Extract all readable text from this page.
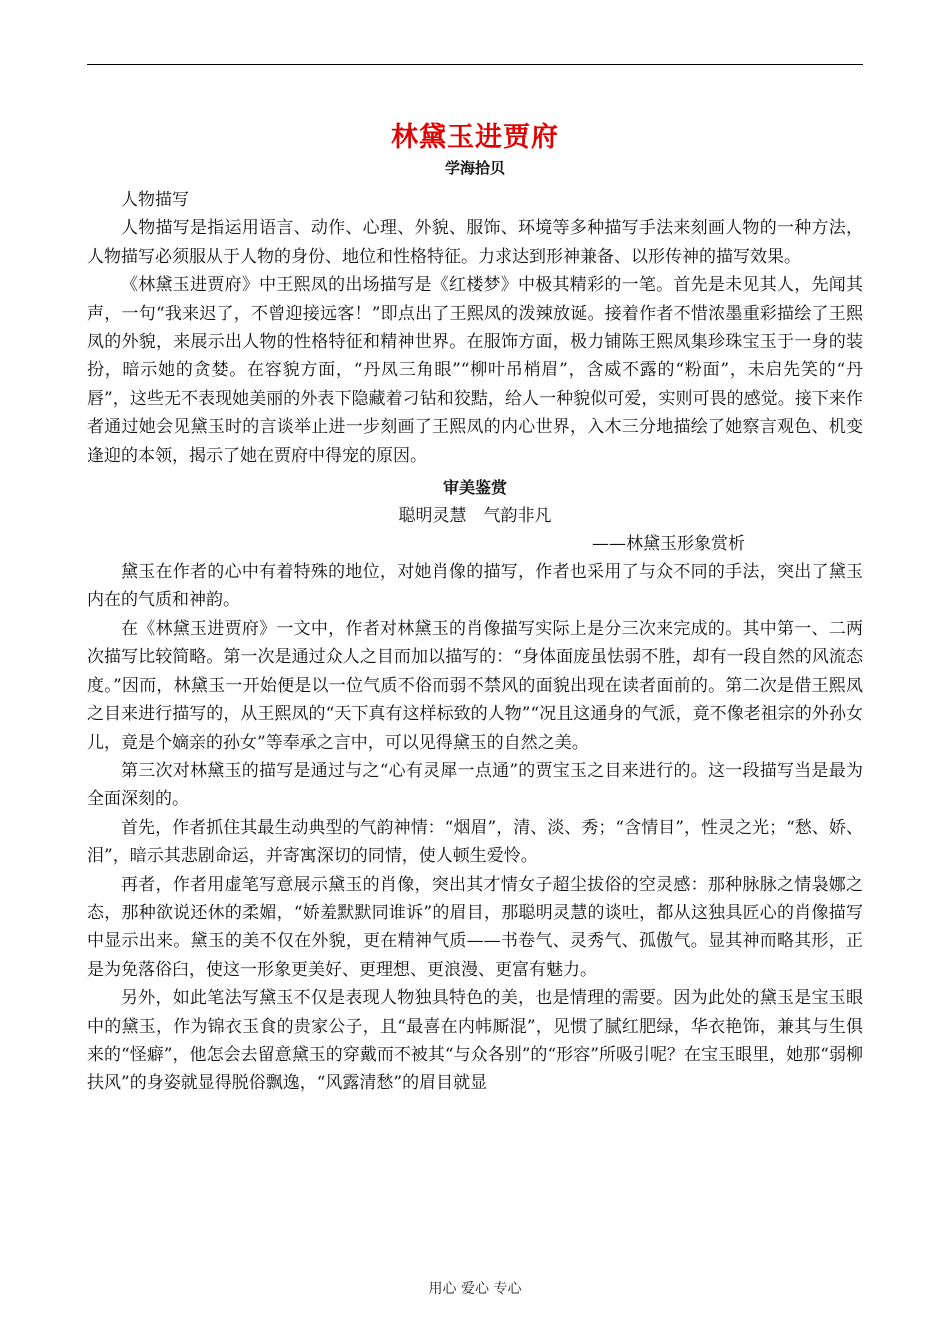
林黛玉进贾府
学海拾贝

人物描写

人物描写是指运用语言、动作、心理、外貌、服饰、环境等多种描写手法来刻画人物的一种方法，人物描写必须服从于人物的身份、地位和性格特征。力求达到形神兼备、以形传神的描写效果。

《林黛玉进贾府》中王熙凤的出场描写是《红楼梦》中极其精彩的一笔。首先是未见其人，先闻其声，一句“我来迟了，不曾迎接远客！”即点出了王熙凤的泼辣放诞。接着作者不惜浓墨重彩描绘了王熙凤的外貌，来展示出人物的性格特征和精神世界。在服饰方面，极力铺陈王熙凤集珍珠宝玉于一身的装扮，暗示她的贪婪。在容貌方面，“丹凤三角眼”“柳叶吊梢眉”，含威不露的“粉面”，未启先笑的“丹唇”，这些无不表现她美丽的外表下隐藏着刁钻和狡黠，给人一种貌似可爱，实则可畏的感觉。接下来作者通过她会见黛玉时的言谈举止进一步刻画了王熙凤的内心世界，入木三分地描绘了她察言观色、机变逢迎的本领，揭示了她在贾府中得宠的原因。

审美鉴赏
聪明灵慧　气韵非凡
——林黛玉形象赏析

黛玉在作者的心中有着特殊的地位，对她肖像的描写，作者也采用了与众不同的手法，突出了黛玉内在的气质和神韵。

在《林黛玉进贾府》一文中，作者对林黛玉的肖像描写实际上是分三次来完成的。其中第一、二两次描写比较简略。第一次是通过众人之目而加以描写的：“身体面庞虽怯弱不胜，却有一段自然的风流态度。”因而，林黛玉一开始便是以一位气质不俗而弱不禁风的面貌出现在读者面前的。第二次是借王熙凤之目来进行描写的，从王熙凤的“天下真有这样标致的人物”“况且这通身的气派，竟不像老祖宗的外孙女儿，竟是个嫡亲的孙女”等奉承之言中，可以见得黛玉的自然之美。

第三次对林黛玉的描写是通过与之“心有灵犀一点通”的贾宝玉之目来进行的。这一段描写当是最为全面深刻的。

首先，作者抓住其最生动典型的气韵神情：“烟眉”，清、淡、秀；“含情目”，性灵之光；“愁、娇、泪”，暗示其悲剧命运，并寄寓深切的同情，使人顿生爱怜。

再者，作者用虚笔写意展示黛玉的肖像，突出其才情女子超尘拔俗的空灵感：那种脉脉之情袅娜之态，那种欲说还休的柔媚，“娇羞默默同谁诉”的眉目，那聪明灵慧的谈吐，都从这独具匠心的肖像描写中显示出来。黛玉的美不仅在外貌，更在精神气质——书卷气、灵秀气、孤傲气。显其神而略其形，正是为免落俗臼，使这一形象更美好、更理想、更浪漫、更富有魅力。

另外，如此笔法写黛玉不仅是表现人物独具特色的美，也是情理的需要。因为此处的黛玉是宝玉眼中的黛玉，作为锦衣玉食的贵家公子，且“最喜在内帏厮混”，见惯了腻红肥绿，华衣艳饰，兼其与生俱来的“怪癖”，他怎会去留意黛玉的穿戴而不被其“与众各别”的“形容”所吸引呢？在宝玉眼里，她那“弱柳扶风”的身姿就显得脱俗飘逸，“风露清愁”的眉目就显

用心 爱心 专心
